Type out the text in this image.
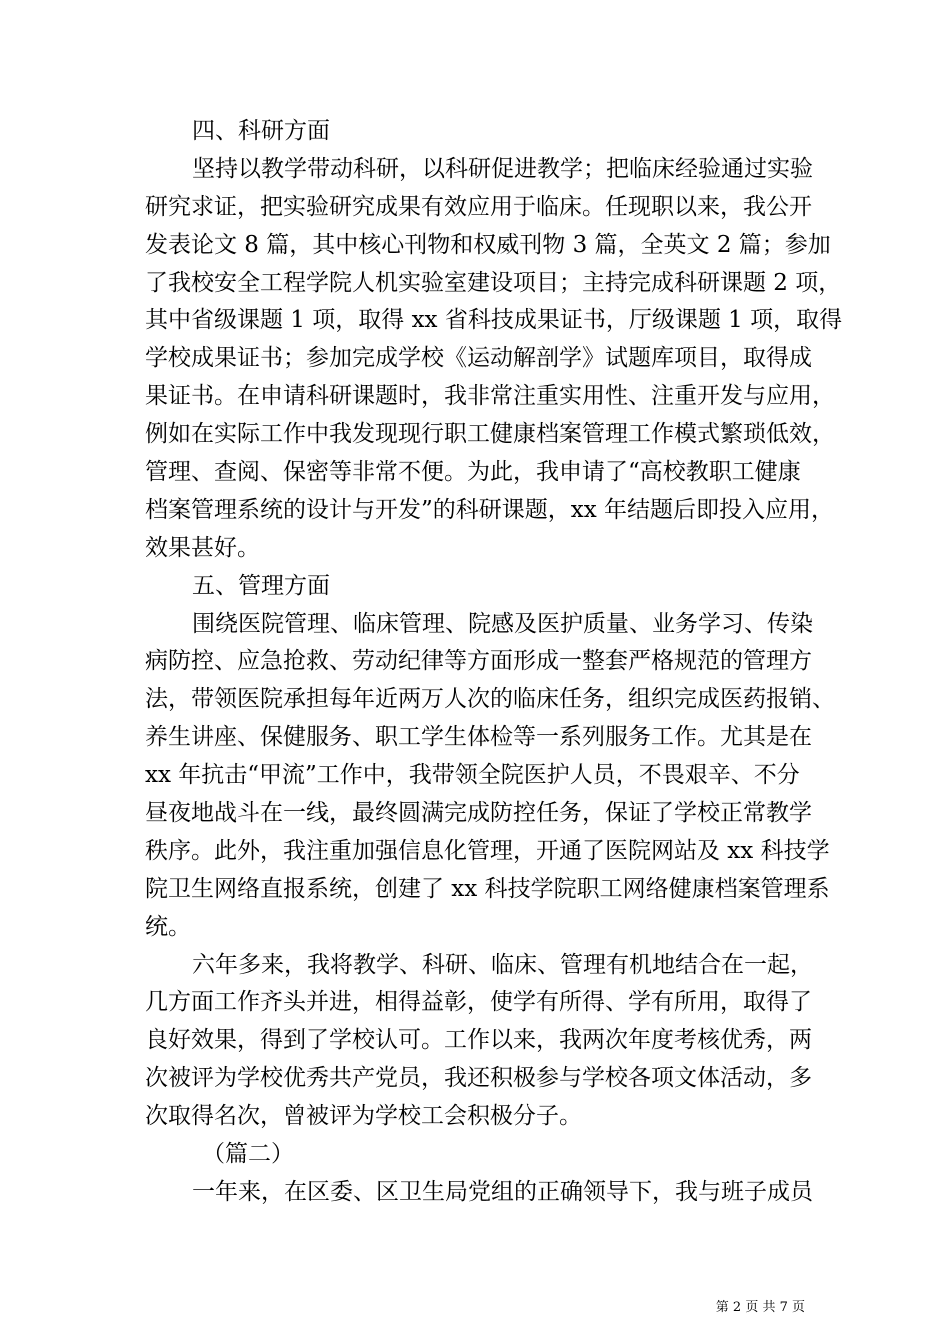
四、科研方面
坚持以教学带动科研，以科研促进教学；把临床经验通过实验
研究求证，把实验研究成果有效应用于临床。任现职以来，我公开
发表论文 8 篇，其中核心刊物和权威刊物 3 篇，全英文 2 篇；参加
了我校安全工程学院人机实验室建设项目；主持完成科研课题 2 项，
其中省级课题 1 项，取得 xx 省科技成果证书，厅级课题 1 项，取得
学校成果证书；参加完成学校《运动解剖学》试题库项目，取得成
果证书。在申请科研课题时，我非常注重实用性、注重开发与应用，
例如在实际工作中我发现现行职工健康档案管理工作模式繁琐低效，
管理、查阅、保密等非常不便。为此，我申请了“高校教职工健康
档案管理系统的设计与开发”的科研课题，xx 年结题后即投入应用，
效果甚好。
五、管理方面
围绕医院管理、临床管理、院感及医护质量、业务学习、传染
病防控、应急抢救、劳动纪律等方面形成一整套严格规范的管理方
法，带领医院承担每年近两万人次的临床任务，组织完成医药报销、
养生讲座、保健服务、职工学生体检等一系列服务工作。尤其是在
xx 年抗击“甲流”工作中，我带领全院医护人员，不畏艰辛、不分
昼夜地战斗在一线，最终圆满完成防控任务，保证了学校正常教学
秩序。此外，我注重加强信息化管理，开通了医院网站及 xx 科技学
院卫生网络直报系统，创建了 xx 科技学院职工网络健康档案管理系
统。
六年多来，我将教学、科研、临床、管理有机地结合在一起，
几方面工作齐头并进，相得益彰，使学有所得、学有所用，取得了
良好效果，得到了学校认可。工作以来，我两次年度考核优秀，两
次被评为学校优秀共产党员，我还积极参与学校各项文体活动，多
次取得名次，曾被评为学校工会积极分子。
（篇二）
一年来，在区委、区卫生局党组的正确领导下，我与班子成员
第 2 页 共 7 页
